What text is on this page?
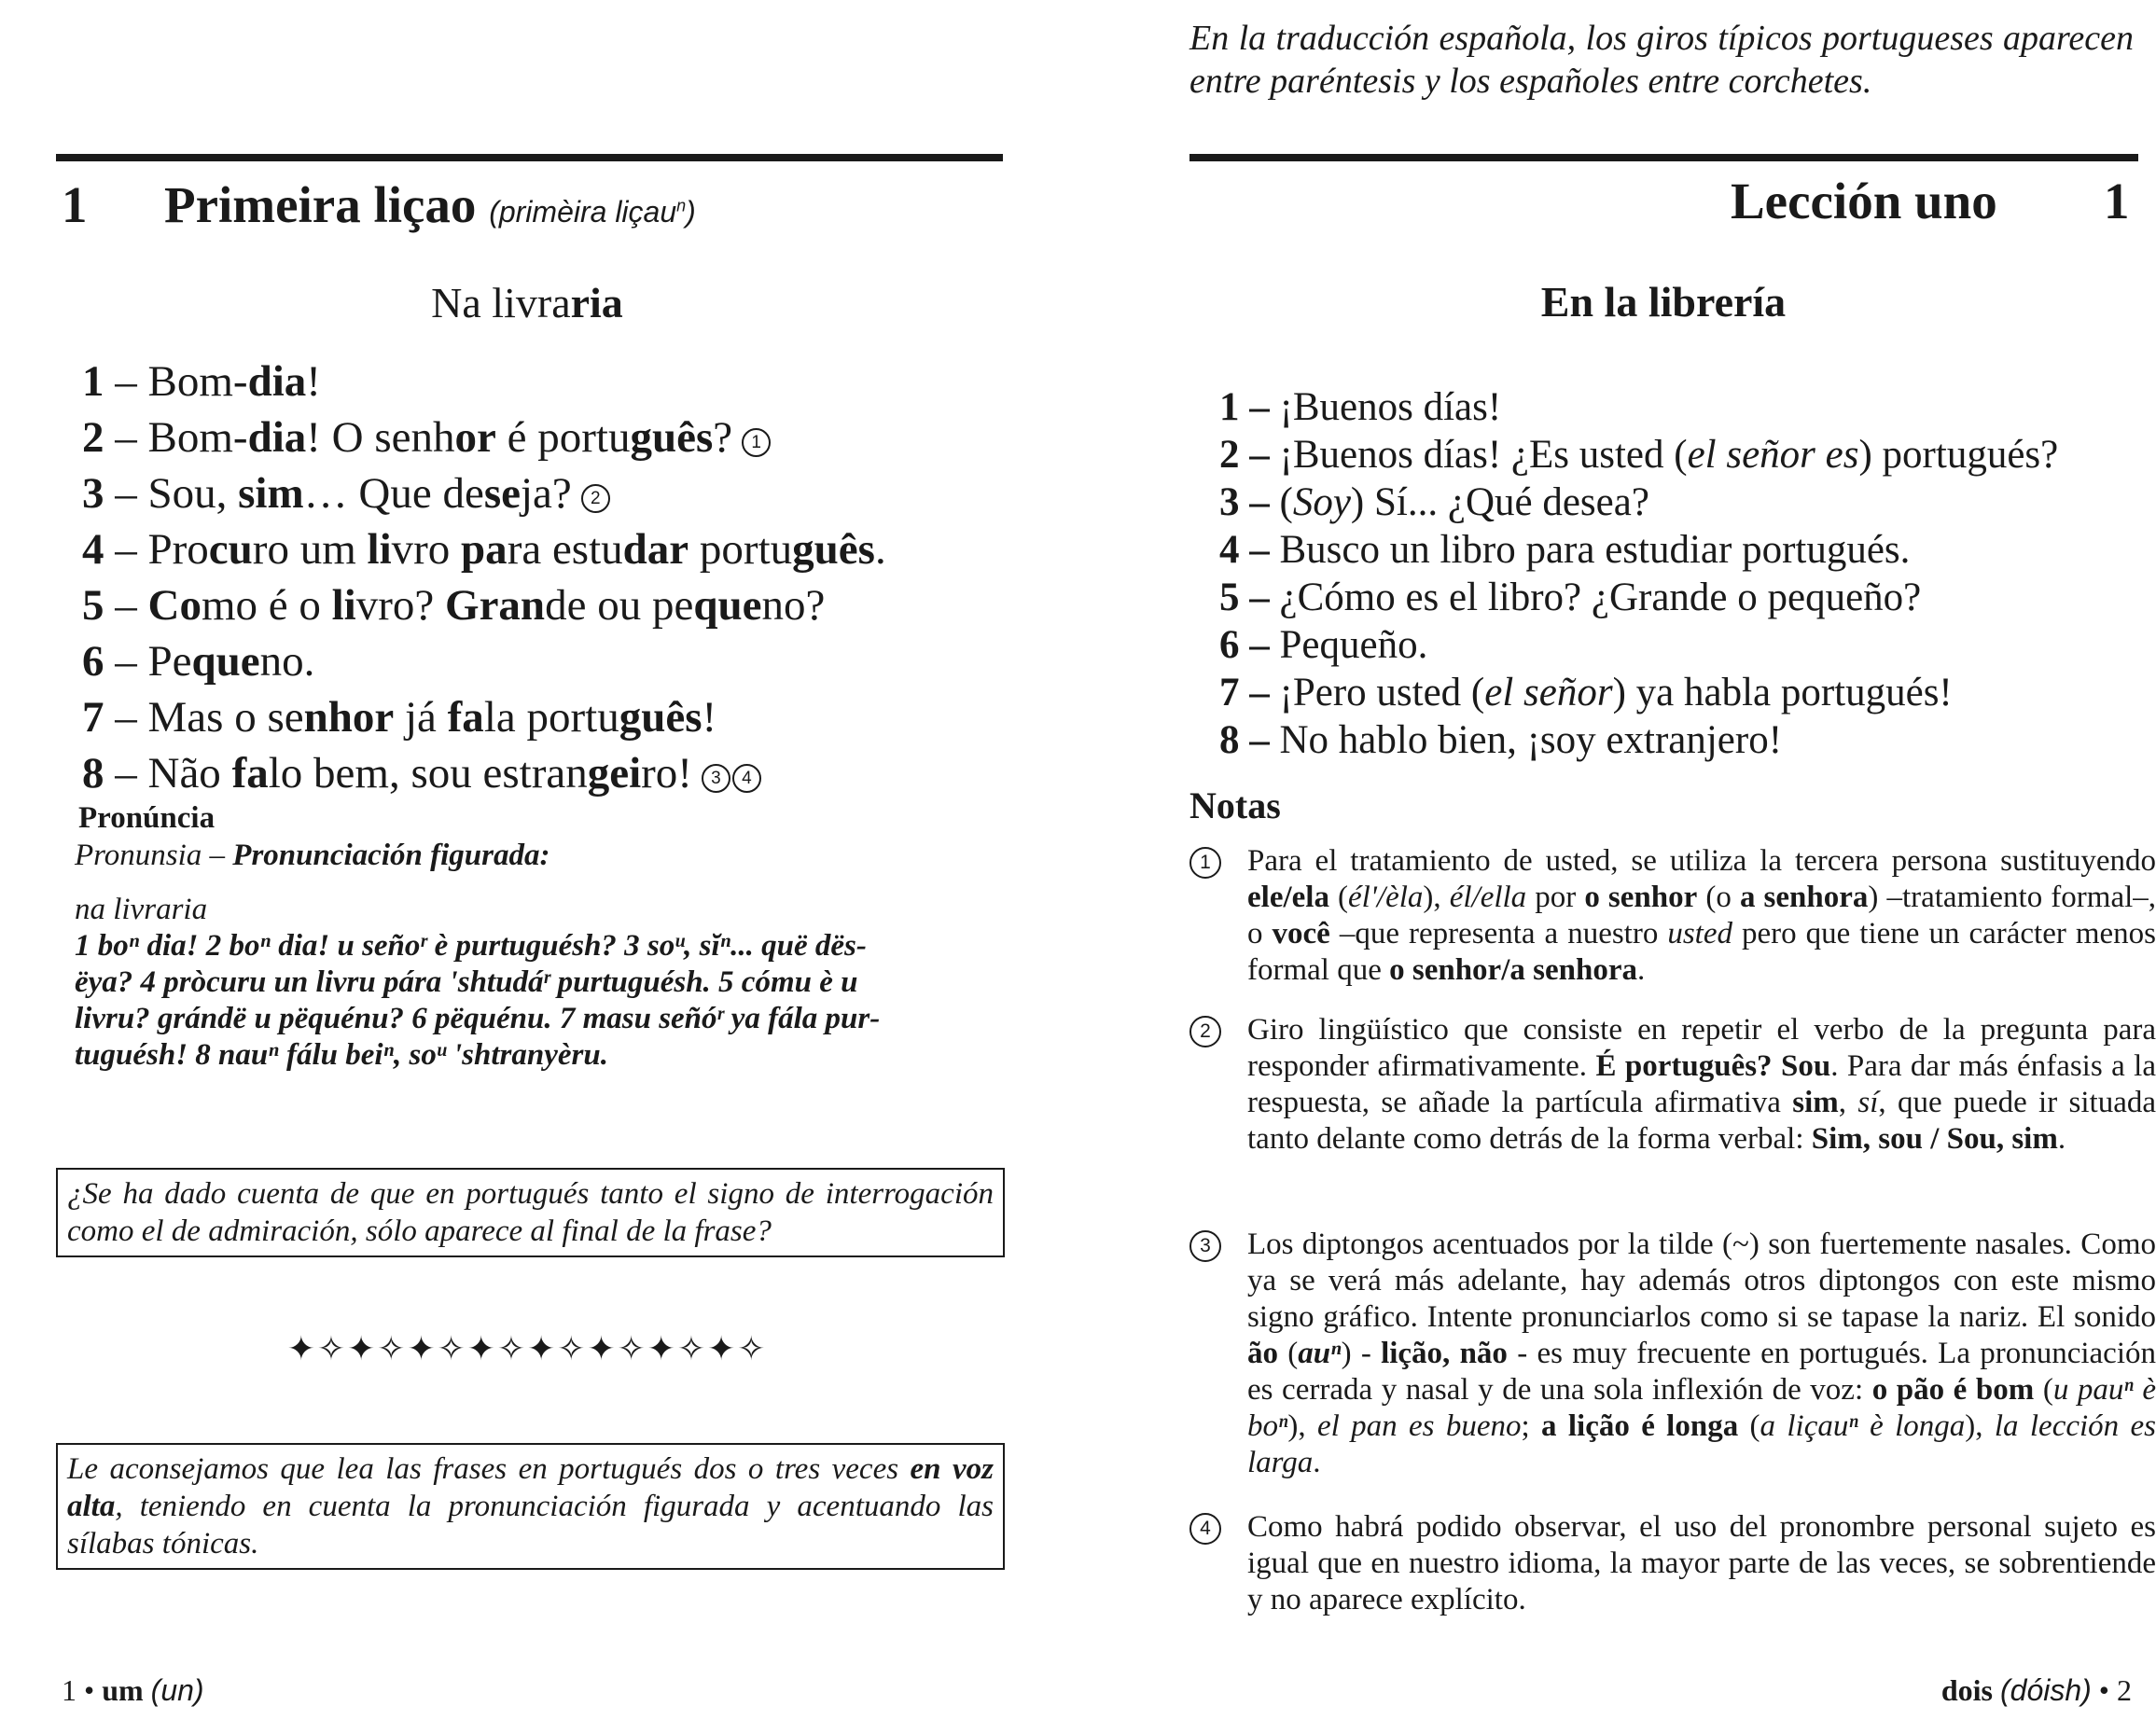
1 Primeira liçao (primèira liçau$^n$)
Na livraria
1 – Bom-dia!
2 – Bom-dia! O senhor é português? 1
3 – Sou, sim… Que deseja? 2
4 – Procuro um livro para estudar português.
5 – Como é o livro? Grande ou pequeno?
6 – Pequeno.
7 – Mas o senhor já fala português!
8 – Não falo bem, sou estrangeiro! 3 4
Pronúncia
Pronunsia – Pronunciación figurada:
na livraria
1 boⁿ dia! 2 boⁿ dia! u señoʳ è purtuguésh? 3 soᵘ, sĭⁿ... quë dës-
ëya? 4 pròcuru un livru pára 'shtudáʳ purtuguésh. 5 cómu è u
livru? grándë u pëquénu? 6 pëquénu. 7 masu señóʳ ya fála pur-
tuguésh! 8 nauⁿ fálu beiⁿ, soᵘ 'shtranyèru.
¿Se ha dado cuenta de que en portugués tanto el signo de interrogación como el de admiración, sólo aparece al final de la frase?
✦✧✦✧✦✧✦✧✦✧✦✧✦✧✦✧
Le aconsejamos que lea las frases en portugués dos o tres veces en voz alta, teniendo en cuenta la pronunciación figurada y acentuando las sílabas tónicas.
1 • um (un)
En la traducción española, los giros típicos portugueses aparecen entre paréntesis y los españoles entre corchetes.
Lección uno 1
En la librería
1 – ¡Buenos días!
2 – ¡Buenos días! ¿Es usted (el señor es) portugués?
3 – (Soy) Sí... ¿Qué desea?
4 – Busco un libro para estudiar portugués.
5 – ¿Cómo es el libro? ¿Grande o pequeño?
6 – Pequeño.
7 – ¡Pero usted (el señor) ya habla portugués!
8 – No hablo bien, ¡soy extranjero!
Notas
1	Para el tratamiento de usted, se utiliza la tercera persona sustituyendo ele/ela (él'/èla), él/ella por o senhor (o a senhora) –tratamiento formal–, o você –que representa a nuestro usted pero que tiene un carácter menos formal que o senhor/a senhora.
2	Giro lingüístico que consiste en repetir el verbo de la pregunta para responder afirmativamente. É português? Sou. Para dar más énfasis a la respuesta, se añade la partícula afirmativa sim, sí, que puede ir situada tanto delante como detrás de la forma verbal: Sim, sou / Sou, sim.
3	Los diptongos acentuados por la tilde (~) son fuertemente nasales. Como ya se verá más adelante, hay además otros diptongos con este mismo signo gráfico. Intente pronunciarlos como si se tapase la nariz. El sonido ão (auⁿ) - lição, não - es muy frecuente en portugués. La pronunciación es cerrada y nasal y de una sola inflexión de voz: o pão é bom (u pauⁿ è boⁿ), el pan es bueno; a lição é longa (a liçauⁿ è longa), la lección es larga.
4	Como habrá podido observar, el uso del pronombre personal sujeto es igual que en nuestro idioma, la mayor parte de las veces, se sobrentiende y no aparece explícito.
dois (dóish) • 2
